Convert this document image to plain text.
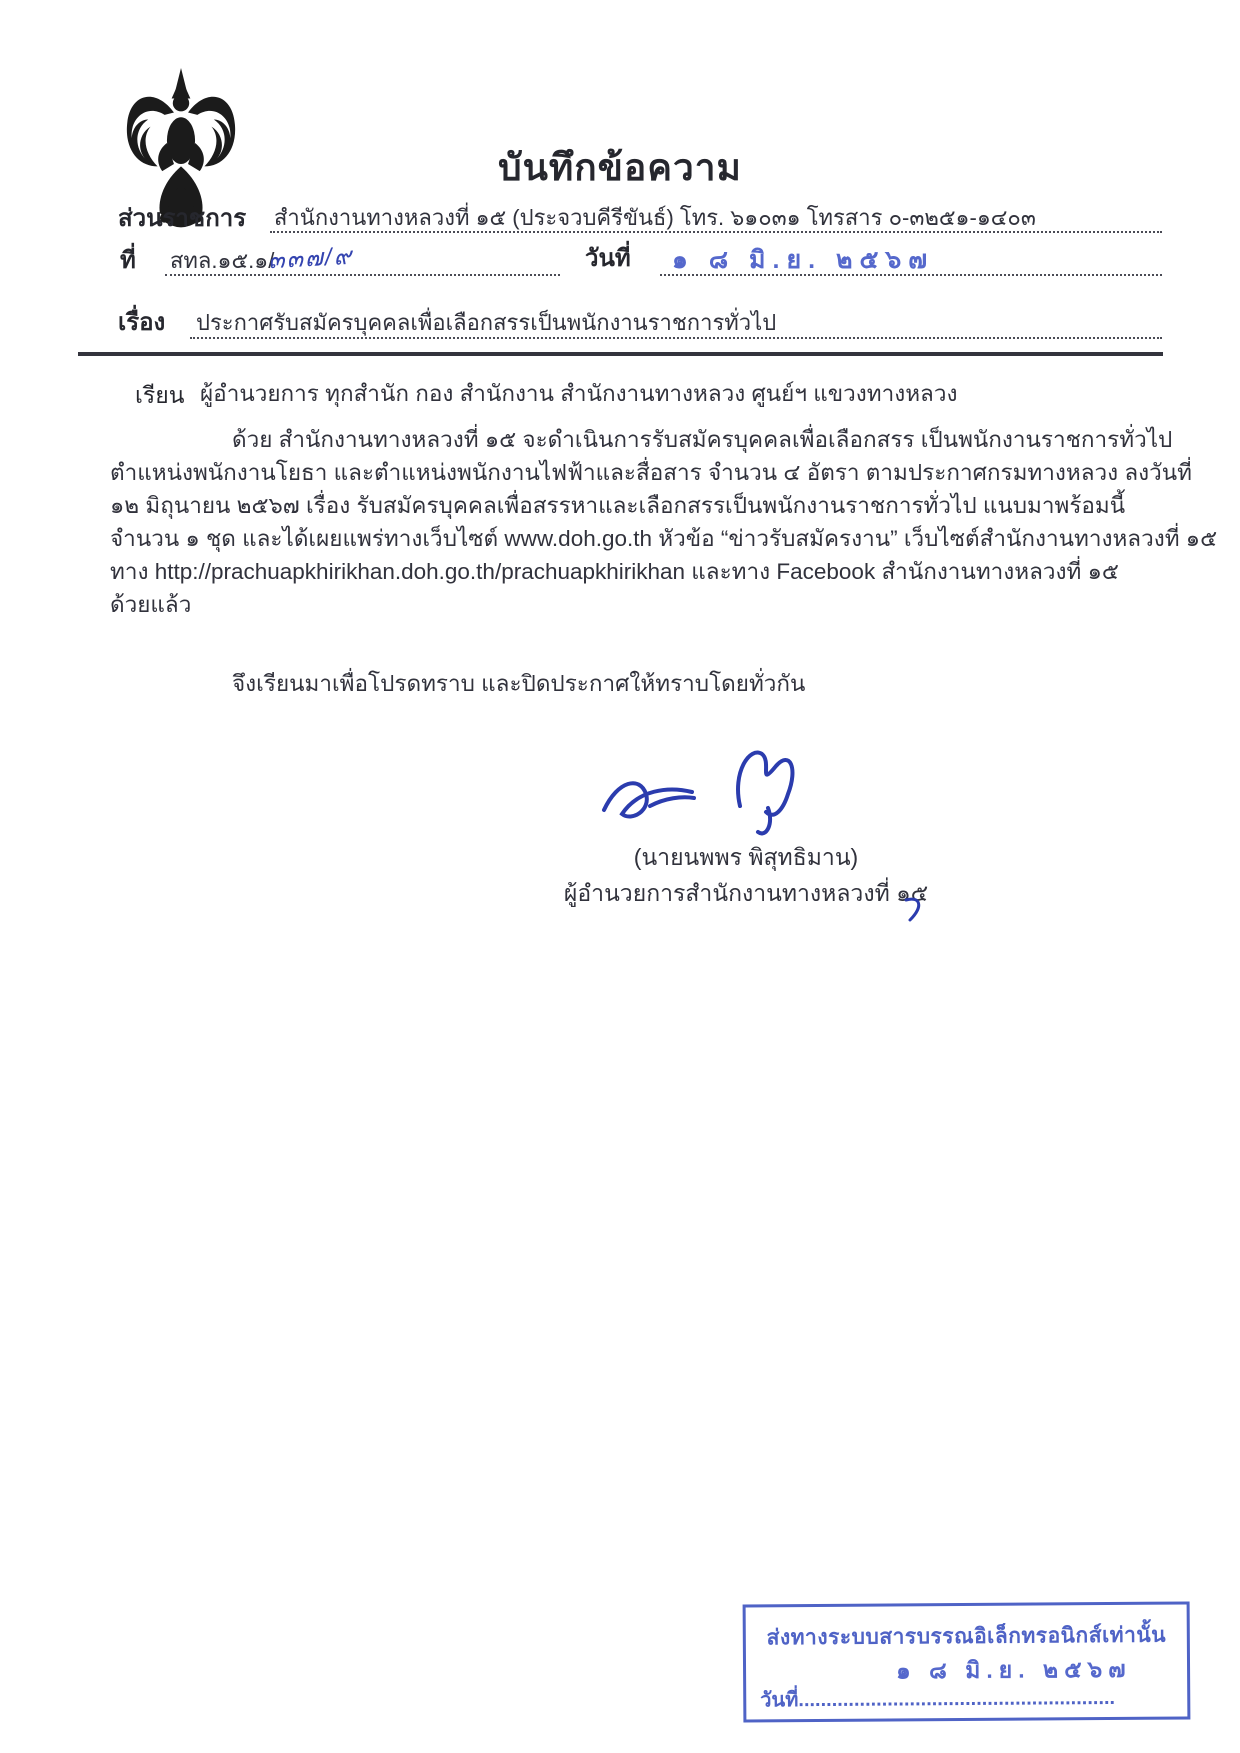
บันทึกข้อความ
ส่วนราชการ สำนักงานทางหลวงที่ ๑๕ (ประจวบคีรีขันธ์) โทร. ๖๑๐๓๑ โทรสาร ๐-๓๒๕๑-๑๔๐๓
ที่ สทล.๑๕.๑/
๓๓๗/๙	วันที่ ๑ ๘ มิ.ย. ๒๕๖๗
เรื่อง ประกาศรับสมัครบุคคลเพื่อเลือกสรรเป็นพนักงานราชการทั่วไป
เรียน ผู้อำนวยการ ทุกสำนัก กอง สำนักงาน สำนักงานทางหลวง ศูนย์ฯ แขวงทางหลวง
ด้วย สำนักงานทางหลวงที่ ๑๕ จะดำเนินการรับสมัครบุคคลเพื่อเลือกสรร เป็นพนักงานราชการทั่วไป
ตำแหน่งพนักงานโยธา และตำแหน่งพนักงานไฟฟ้าและสื่อสาร จำนวน ๔ อัตรา ตามประกาศกรมทางหลวง ลงวันที่
๑๒ มิถุนายน ๒๕๖๗ เรื่อง รับสมัครบุคคลเพื่อสรรหาและเลือกสรรเป็นพนักงานราชการทั่วไป แนบมาพร้อมนี้
จำนวน ๑ ชุด และได้เผยแพร่ทางเว็บไซต์ www.doh.go.th หัวข้อ “ข่าวรับสมัครงาน” เว็บไซต์สำนักงานทางหลวงที่ ๑๕
ทาง http://prachuapkhirikhan.doh.go.th/prachuapkhirikhan และทาง Facebook สำนักงานทางหลวงที่ ๑๕
ด้วยแล้ว
จึงเรียนมาเพื่อโปรดทราบ และปิดประกาศให้ทราบโดยทั่วกัน
(นายนพพร พิสุทธิมาน)
ผู้อำนวยการสำนักงานทางหลวงที่ ๑๕
ส่งทางระบบสารบรรณอิเล็กทรอนิกส์เท่านั้น
๑ ๘ มิ.ย. ๒๕๖๗
วันที่.........................................................
